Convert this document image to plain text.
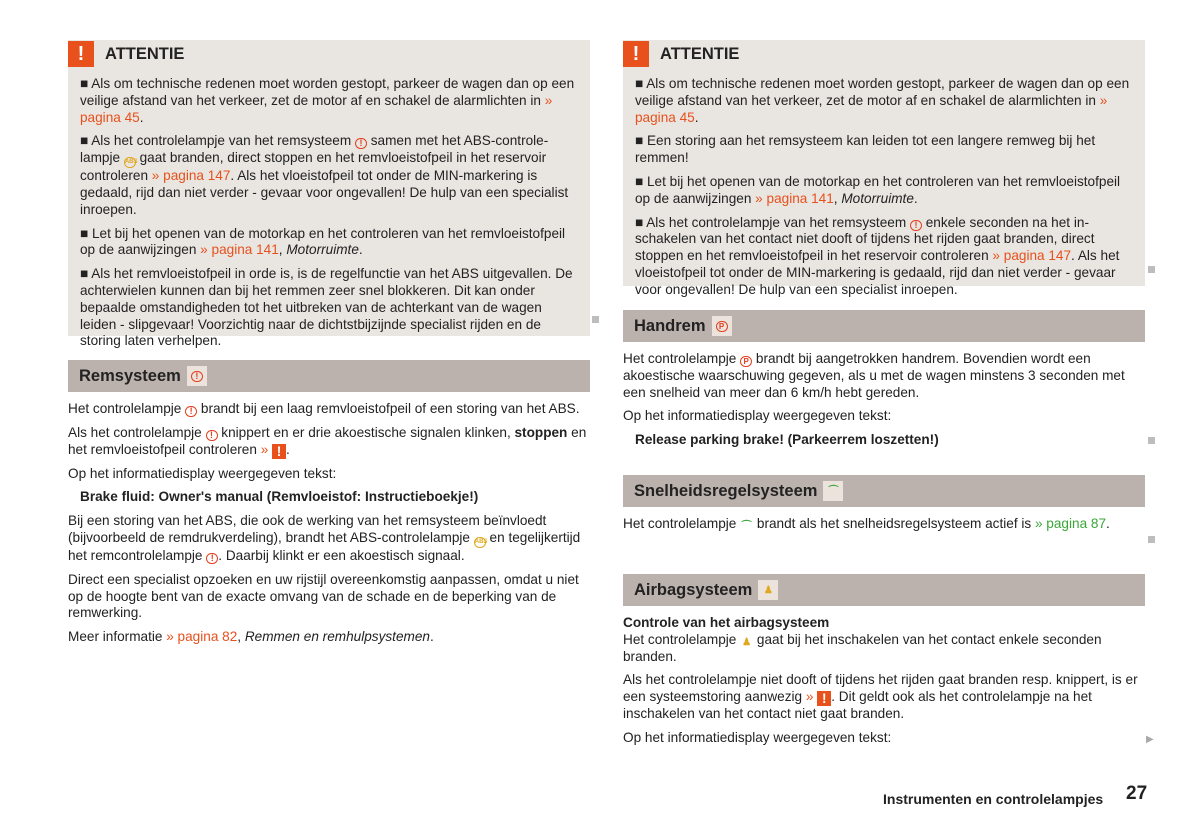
!	ATTENTIE

■ Als om technische redenen moet worden gestopt, parkeer de wagen dan op een veilige afstand van het verkeer, zet de motor af en schakel de alarmlichten in » pagina 45.

■ Als het controlelampje van het remsysteem ! samen met het ABS-controlelampje ABS gaat branden, direct stoppen en het remvloeistofpeil in het reservoir controleren » pagina 147. Als het vloeistofpeil tot onder de MIN-markering is gedaald, rijd dan niet verder - gevaar voor ongevallen! De hulp van een specialist inroepen.

■ Let bij het openen van de motorkap en het controleren van het remvloeistofpeil op de aanwijzingen » pagina 141, Motorruimte.

■ Als het remvloeistofpeil in orde is, is de regelfunctie van het ABS uitgevallen. De achterwielen kunnen dan bij het remmen zeer snel blokkeren. Dit kan onder bepaalde omstandigheden tot het uitbreken van de achterkant van de wagen leiden - slipgevaar! Voorzichtig naar de dichtstbijzijnde specialist rijden en de storing laten verhelpen.

Remsysteem	!

Het controlelampje ! brandt bij een laag remvloeistofpeil of een storing van het ABS.

Als het controlelampje ! knippert en er drie akoestische signalen klinken, stoppen en het remvloeistofpeil controleren » ! .

Op het informatiedisplay weergegeven tekst:

Brake fluid: Owner's manual (Remvloeistof: Instructieboekje!)

Bij een storing van het ABS, die ook de werking van het remsysteem beïnvloedt (bijvoorbeeld de remdrukverdeling), brandt het ABS-controlelampje ABS en tegelijkertijd het remcontrolelampje ! . Daarbij klinkt er een akoestisch signaal.

Direct een specialist opzoeken en uw rijstijl overeenkomstig aanpassen, omdat u niet op de hoogte bent van de exacte omvang van de schade en de beperking van de remwerking.

Meer informatie » pagina 82, Remmen en remhulpsystemen.

!	ATTENTIE

■ Als om technische redenen moet worden gestopt, parkeer de wagen dan op een veilige afstand van het verkeer, zet de motor af en schakel de alarmlichten in » pagina 45.

■ Een storing aan het remsysteem kan leiden tot een langere remweg bij het remmen!

■ Let bij het openen van de motorkap en het controleren van het remvloeistofpeil op de aanwijzingen » pagina 141, Motorruimte.

■ Als het controlelampje van het remsysteem ! enkele seconden na het inschakelen van het contact niet dooft of tijdens het rijden gaat branden, direct stoppen en het remvloeistofpeil in het reservoir controleren » pagina 147. Als het vloeistofpeil tot onder de MIN-markering is gedaald, rijd dan niet verder - gevaar voor ongevallen! De hulp van een specialist inroepen.

Handrem	P

Het controlelampje P brandt bij aangetrokken handrem. Bovendien wordt een akoestische waarschuwing gegeven, als u met de wagen minstens 3 seconden met een snelheid van meer dan 6 km/h hebt gereden.

Op het informatiedisplay weergegeven tekst:

Release parking brake! (Parkeerrem loszetten!)

Snelheidsregelsysteem ⌒

Het controlelampje ⌒ brandt als het snelheidsregelsysteem actief is » pagina 87.

Airbagsysteem ♟
Controle van het airbagsysteem

Het controlelampje ♟ gaat bij het inschakelen van het contact enkele seconden branden.

Als het controlelampje niet dooft of tijdens het rijden gaat branden resp. knippert, is er een systeemstoring aanwezig » ! . Dit geldt ook als het controlelampje na het inschakelen van het contact niet gaat branden.

Op het informatiedisplay weergegeven tekst:	▶
Instrumenten en controlelampjes 27
